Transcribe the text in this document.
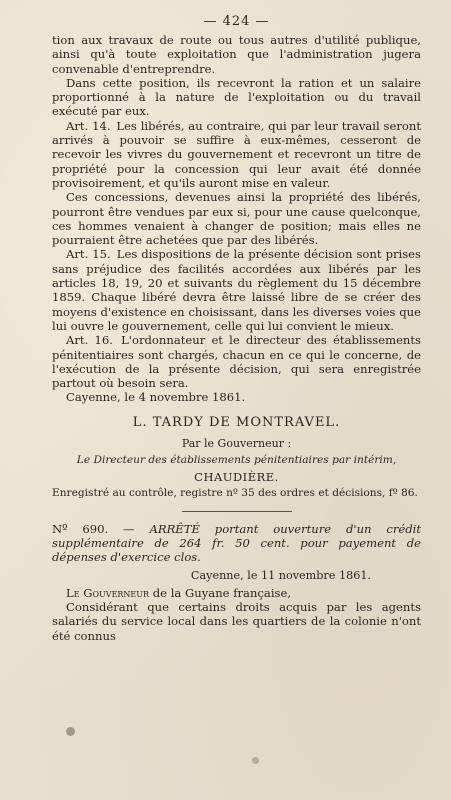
— 424 —

tion aux travaux de route ou tous autres d'utilité publique, ainsi qu'à toute exploitation que l'administration jugera convenable d'entreprendre.

Dans cette position, ils recevront la ration et un salaire proportionné à la nature de l'exploitation ou du travail exécuté par eux.

Art. 14. Les libérés, au contraire, qui par leur travail seront arrivés à pouvoir se suffire à eux-mêmes, cesseront de recevoir les vivres du gouvernement et recevront un titre de propriété pour la concession qui leur avait été donnée provisoirement, et qu'ils auront mise en valeur.

Ces concessions, devenues ainsi la propriété des libérés, pourront être vendues par eux si, pour une cause quelconque, ces hommes venaient à changer de position; mais elles ne pourraient être achetées que par des libérés.

Art. 15. Les dispositions de la présente décision sont prises sans préjudice des facilités accordées aux libérés par les articles 18, 19, 20 et suivants du règlement du 15 décembre 1859. Chaque libéré devra être laissé libre de se créer des moyens d'existence en choisissant, dans les diverses voies que lui ouvre le gouvernement, celle qui lui convient le mieux.

Art. 16. L'ordonnateur et le directeur des établissements pénitentiaires sont chargés, chacun en ce qui le concerne, de l'exécution de la présente décision, qui sera enregistrée partout où besoin sera.

Cayenne, le 4 novembre 1861.

L. TARDY DE MONTRAVEL.
Par le Gouverneur :
Le Directeur des établissements pénitentiaires par intérim,
CHAUDIÈRE.
Enregistré au contrôle, registre nº 35 des ordres et décisions, fº 86.
Nº 690. — ARRÊTÉ portant ouverture d'un crédit supplémentaire de 264 fr. 50 cent. pour payement de dépenses d'exercice clos.
Cayenne, le 11 novembre 1861.

Le Gouverneur de la Guyane française,

Considérant que certains droits acquis par les agents salariés du service local dans les quartiers de la colonie n'ont été connus
